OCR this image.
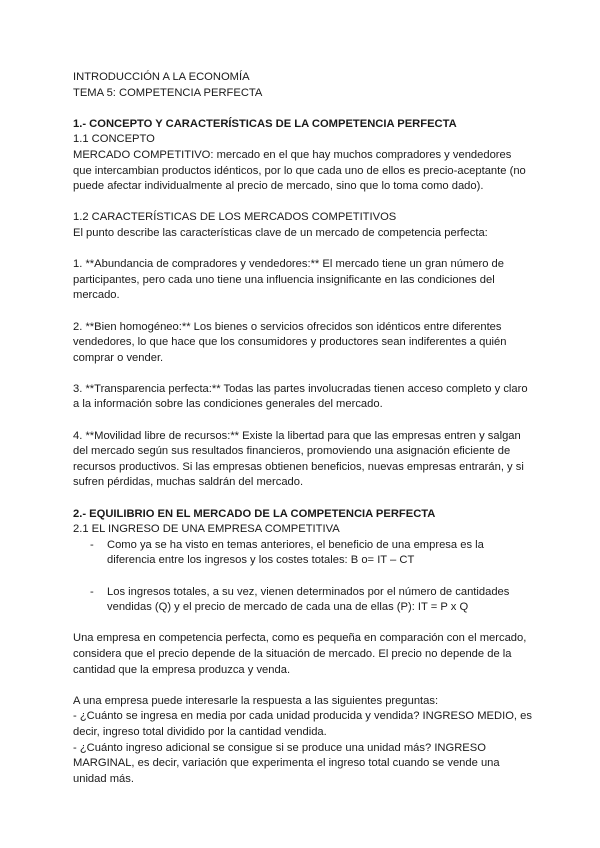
INTRODUCCIÓN A LA ECONOMÍA
TEMA 5: COMPETENCIA PERFECTA
1.- CONCEPTO Y CARACTERÍSTICAS DE LA COMPETENCIA PERFECTA
1.1 CONCEPTO

MERCADO COMPETITIVO: mercado en el que hay muchos compradores y vendedores que intercambian productos idénticos, por lo que cada uno de ellos es precio-aceptante (no puede afectar individualmente al precio de mercado, sino que lo toma como dado).

1.2 CARACTERÍSTICAS DE LOS MERCADOS COMPETITIVOS

El punto describe las características clave de un mercado de competencia perfecta:

1. **Abundancia de compradores y vendedores:** El mercado tiene un gran número de participantes, pero cada uno tiene una influencia insignificante en las condiciones del mercado.

2. **Bien homogéneo:** Los bienes o servicios ofrecidos son idénticos entre diferentes vendedores, lo que hace que los consumidores y productores sean indiferentes a quién comprar o vender.

3. **Transparencia perfecta:** Todas las partes involucradas tienen acceso completo y claro a la información sobre las condiciones generales del mercado.

4. **Movilidad libre de recursos:** Existe la libertad para que las empresas entren y salgan del mercado según sus resultados financieros, promoviendo una asignación eficiente de recursos productivos. Si las empresas obtienen beneficios, nuevas empresas entrarán, y si sufren pérdidas, muchas saldrán del mercado.

2.- EQUILIBRIO EN EL MERCADO DE LA COMPETENCIA PERFECTA
2.1 EL INGRESO DE UNA EMPRESA COMPETITIVA
- Como ya se ha visto en temas anteriores, el beneficio de una empresa es la diferencia entre los ingresos y los costes totales: B o= IT – CT

- Los ingresos totales, a su vez, vienen determinados por el número de cantidades vendidas (Q) y el precio de mercado de cada una de ellas (P): IT = P x Q

Una empresa en competencia perfecta, como es pequeña en comparación con el mercado, considera que el precio depende de la situación de mercado. El precio no depende de la cantidad que la empresa produzca y venda.

A una empresa puede interesarle la respuesta a las siguientes preguntas:

- ¿Cuánto se ingresa en media por cada unidad producida y vendida? INGRESO MEDIO, es decir, ingreso total dividido por la cantidad vendida.

- ¿Cuánto ingreso adicional se consigue si se produce una unidad más? INGRESO MARGINAL, es decir, variación que experimenta el ingreso total cuando se vende una unidad más.
